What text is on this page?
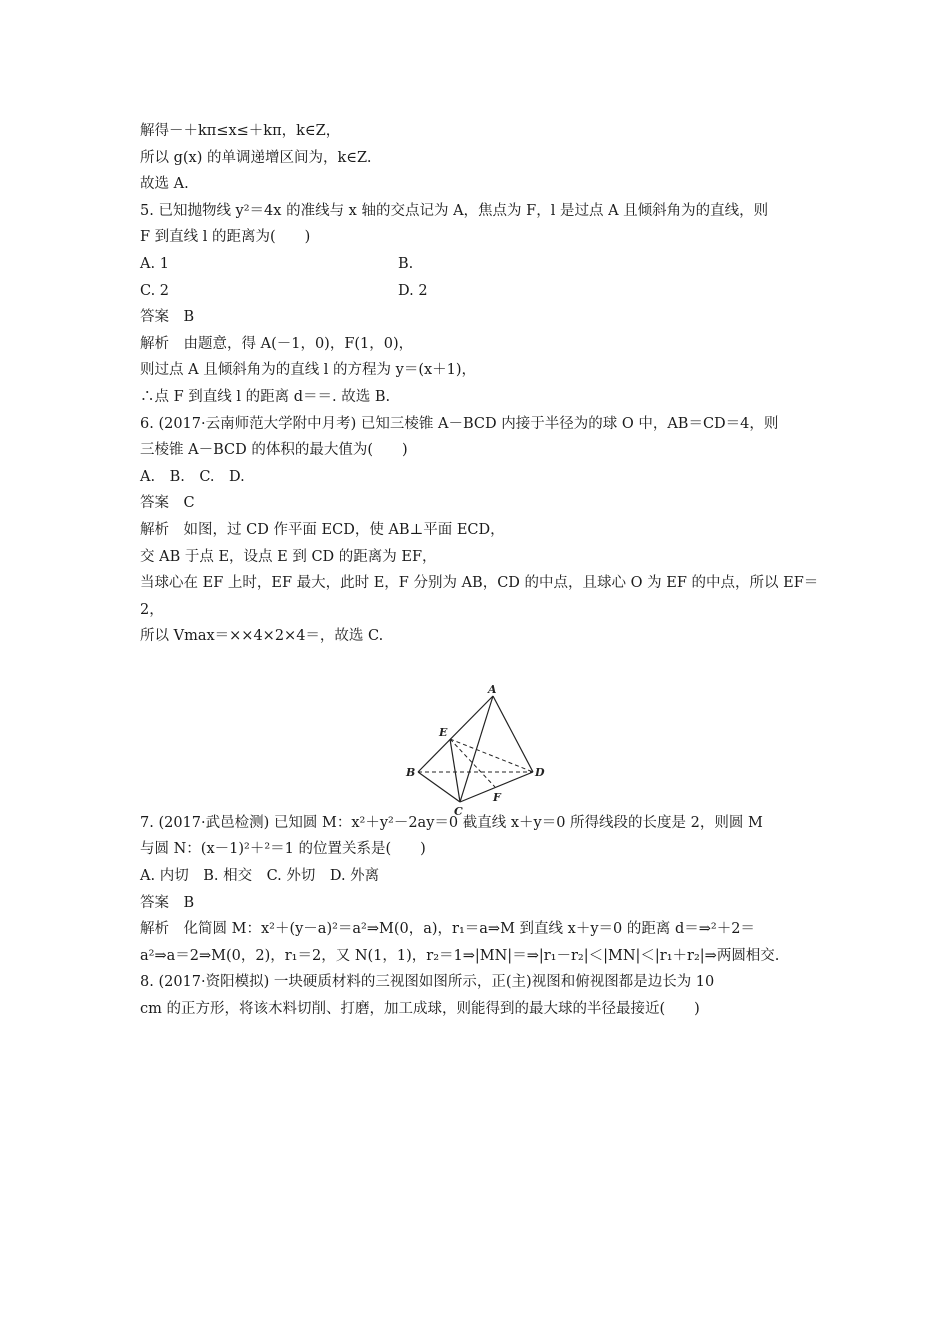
解得－＋kπ≤x≤＋kπ，k∈Z，
所以 g(x) 的单调递增区间为，k∈Z.
故选 A.
5. 已知抛物线 y²＝4x 的准线与 x 轴的交点记为 A，焦点为 F，l 是过点 A 且倾斜角为的直线，则
F 到直线 l 的距离为(　　)
A. 1	B.
C. 2	D. 2
答案　B
解析　由题意，得 A(－1，0)，F(1，0)，
则过点 A 且倾斜角为的直线 l 的方程为 y＝(x＋1)，
∴点 F 到直线 l 的距离 d＝＝. 故选 B.
6. (2017·云南师范大学附中月考) 已知三棱锥 A－BCD 内接于半径为的球 O 中，AB＝CD＝4，则
三棱锥 A－BCD 的体积的最大值为(　　)
A.　B.　C.　D.
答案　C
解析　如图，过 CD 作平面 ECD，使 AB⊥平面 ECD，
交 AB 于点 E，设点 E 到 CD 的距离为 EF，
当球心在 EF 上时，EF 最大，此时 E，F 分别为 AB，CD 的中点，且球心 O 为 EF 的中点，所以 EF＝
2，
所以 Vmax＝××4×2×4＝，故选 C.
7. (2017·武邑检测) 已知圆 M：x²＋y²－2ay＝0 截直线 x＋y＝0 所得线段的长度是 2，则圆 M
与圆 N：(x－1)²＋²＝1 的位置关系是(　　)
A. 内切　B. 相交　C. 外切　D. 外离
答案　B
解析　化简圆 M：x²＋(y－a)²＝a²⇒M(0，a)，r₁＝a⇒M 到直线 x＋y＝0 的距离 d＝⇒²＋2＝
a²⇒a＝2⇒M(0，2)，r₁＝2，又 N(1，1)，r₂＝1⇒|MN|＝⇒|r₁－r₂|＜|MN|＜|r₁＋r₂|⇒两圆相交.
8. (2017·资阳模拟) 一块硬质材料的三视图如图所示，正(主)视图和俯视图都是边长为 10
cm 的正方形，将该木料切削、打磨，加工成球，则能得到的最大球的半径最接近(　　)
A
B
C
D
E
F
